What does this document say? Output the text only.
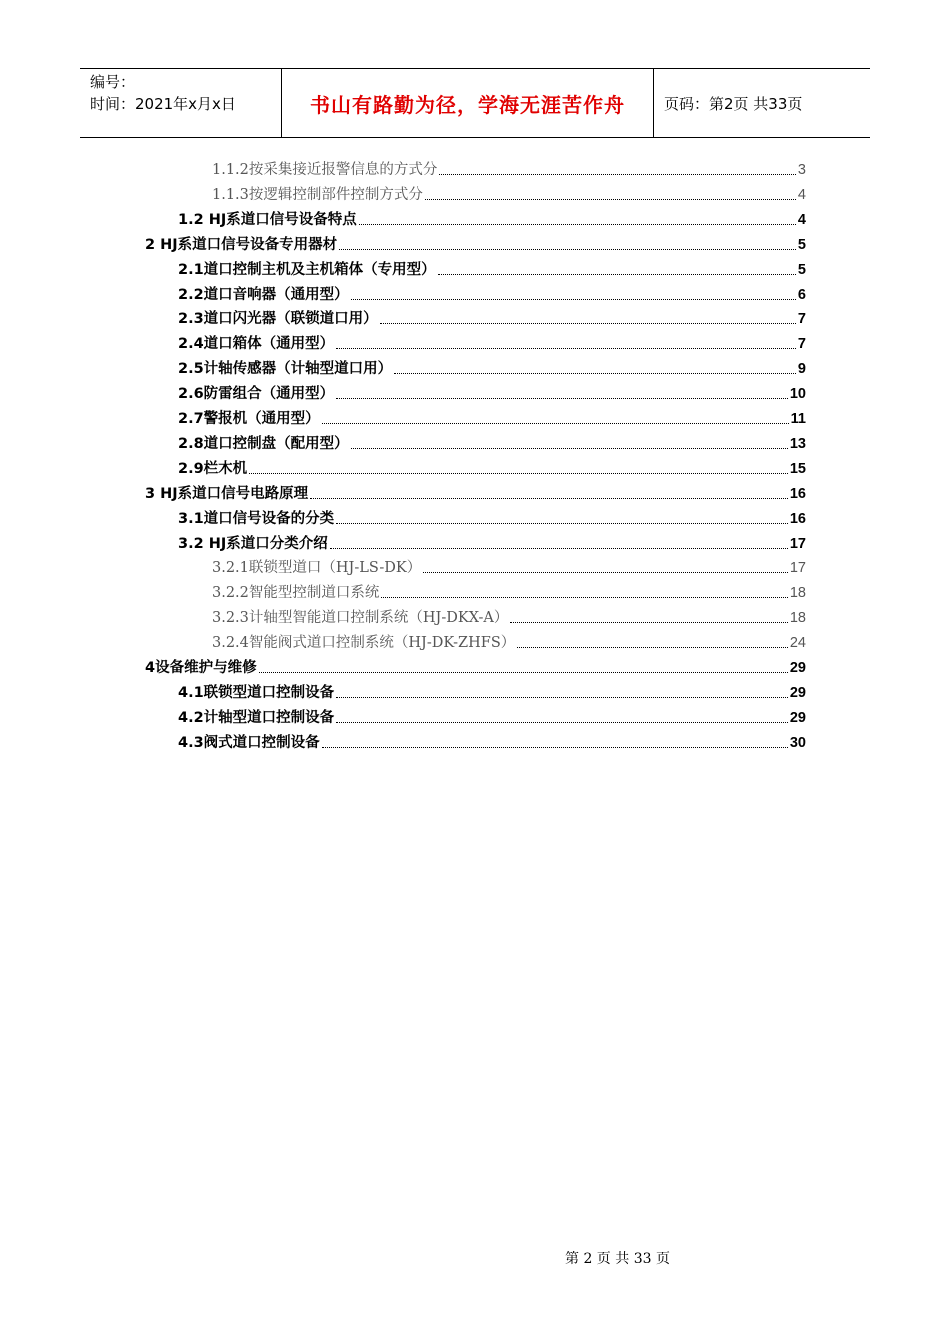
编号：
时间：2021年x月x日	书山有路勤为径，学海无涯苦作舟	页码：第2页 共33页
1.1.2按采集接近报警信息的方式分	3
1.1.3按逻辑控制部件控制方式分	4
1.2 HJ系道口信号设备特点	4
2 HJ系道口信号设备专用器材	5
2.1道口控制主机及主机箱体（专用型）	5
2.2道口音响器（通用型）	6
2.3道口闪光器（联锁道口用）	7
2.4道口箱体（通用型）	7
2.5计轴传感器（计轴型道口用）	9
2.6防雷组合（通用型）	10
2.7警报机（通用型）	11
2.8道口控制盘（配用型）	13
2.9栏木机	15
3 HJ系道口信号电路原理	16
3.1道口信号设备的分类	16
3.2 HJ系道口分类介绍	17
3.2.1联锁型道口（HJ-LS-DK）	17
3.2.2智能型控制道口系统	18
3.2.3计轴型智能道口控制系统（HJ-DKX-A）	18
3.2.4智能阀式道口控制系统（HJ-DK-ZHFS）	24
4设备维护与维修	29
4.1联锁型道口控制设备	29
4.2计轴型道口控制设备	29
4.3阀式道口控制设备	30
第 2 页 共 33 页
